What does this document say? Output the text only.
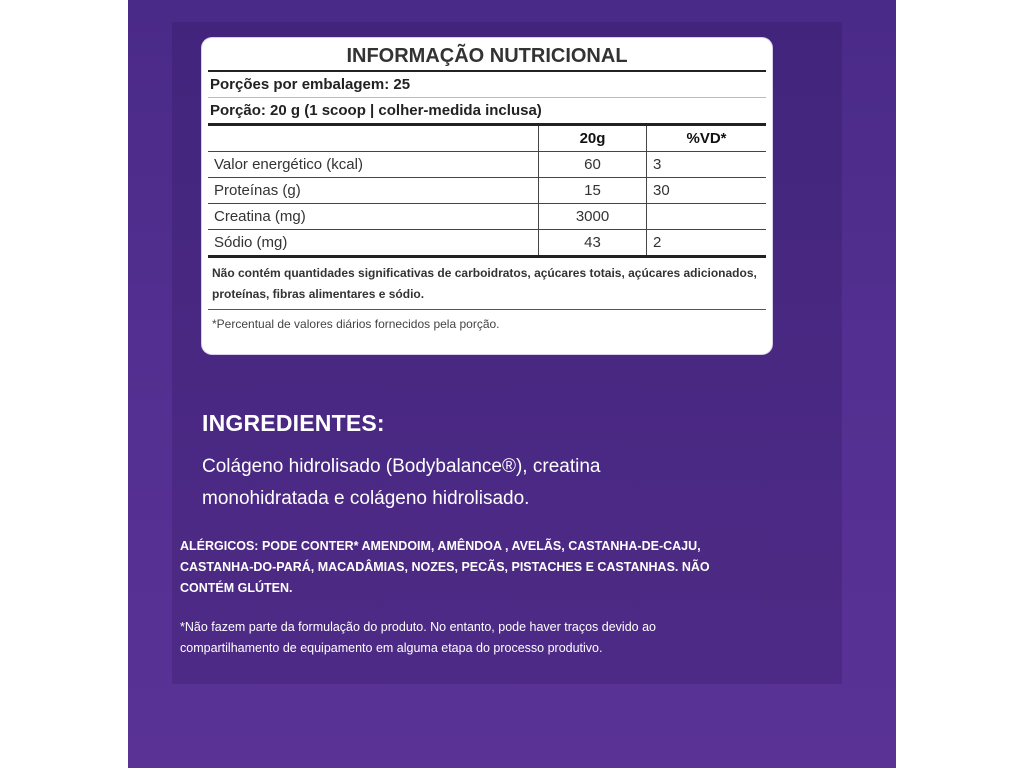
INFORMAÇÃO NUTRICIONAL
Porções por embalagem: 25
Porção: 20 g (1 scoop | colher-medida inclusa)
	20g	%VD*
Valor energético (kcal)	60	3
Proteínas (g)	15	30
Creatina (mg)	3000	
Sódio (mg)	43	2
Não contém quantidades significativas de carboidratos, açúcares totais, açúcares adicionados, proteínas, fibras alimentares e sódio.
*Percentual de valores diários fornecidos pela porção.
INGREDIENTES:
Colágeno hidrolisado (Bodybalance®), creatina monohidratada e colágeno hidrolisado.
ALÉRGICOS: PODE CONTER* AMENDOIM, AMÊNDOA , AVELÃS, CASTANHA-DE-CAJU, CASTANHA-DO-PARÁ, MACADÂMIAS, NOZES, PECÃS, PISTACHES E CASTANHAS. NÃO CONTÉM GLÚTEN.
*Não fazem parte da formulação do produto. No entanto, pode haver traços devido ao compartilhamento de equipamento em alguma etapa do processo produtivo.
